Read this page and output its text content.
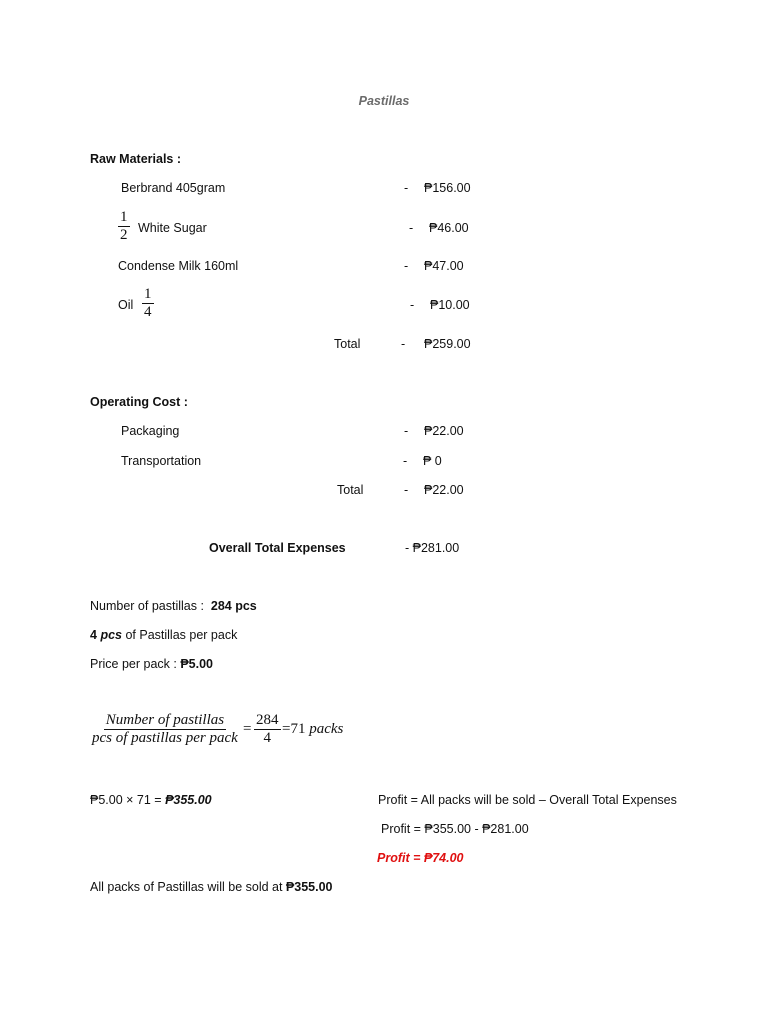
Pastillas
Raw Materials :
Berbrand 405gram	- ₱156.00
$\frac{1}{2}$ White Sugar	- ₱46.00
Condense Milk 160ml	- ₱47.00
Oil $\frac{1}{4}$	- ₱10.00
Total	- ₱259.00
Operating Cost :
Packaging	- ₱22.00
Transportation	- ₱ 0
Total	- ₱22.00
Overall Total Expenses	- ₱281.00
Number of pastillas : 284 pcs
4 pcs of Pastillas per pack
Price per pack : ₱5.00
Number of pastillas
pcs of pastillas per pack
= $\frac{284}{4} =71$ packs
₱5.00 × 71 = ₱355.00	Profit = All packs will be sold – Overall Total Expenses
Profit = ₱355.00 - ₱281.00
Profit = ₱74.00
All packs of Pastillas will be sold at ₱355.00
